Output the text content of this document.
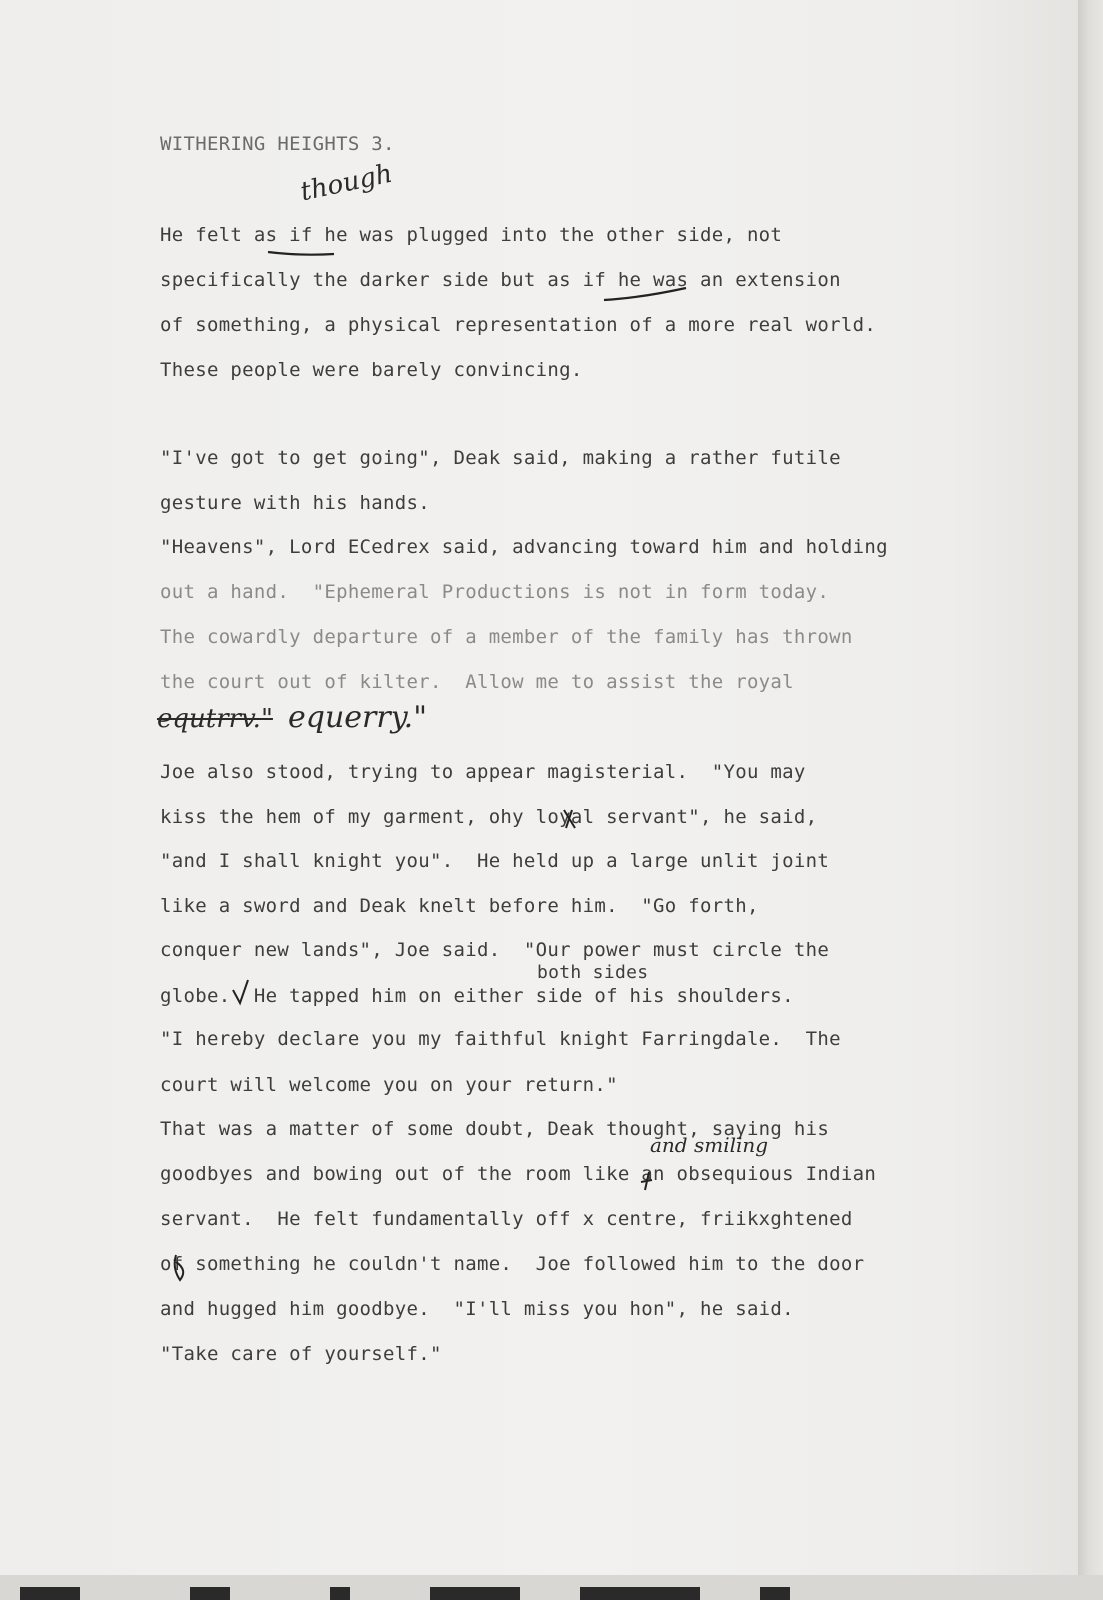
WITHERING HEIGHTS 3.
He felt as if he was plugged into the other side, not
specifically the darker side but as if he was an extension
of something, a physical representation of a more real world.
These people were barely convincing.
"I've got to get going", Deak said, making a rather futile
gesture with his hands.
"Heavens", Lord ECedrex said, advancing toward him and holding
out a hand.  "Ephemeral Productions is not in form today.
The cowardly departure of a member of the family has thrown
the court out of kilter.  Allow me to assist the royal
equtrrv." equerry."
Joe also stood, trying to appear magisterial.  "You may
kiss the hem of my garment, ohy loyal servant", he said,
"and I shall knight you".  He held up a large unlit joint
like a sword and Deak knelt before him.  "Go forth,
conquer new lands", Joe said.  "Our power must circle the
both sides
globe.  He tapped him on either side of his shoulders.
"I hereby declare you my faithful knight Farringdale.  The
court will welcome you on your return."
That was a matter of some doubt, Deak thought, saying his
goodbyes and bowing out of the room like an obsequious Indian
servant.  He felt fundamentally off x centre, friikxghtened
of something he couldn't name.  Joe followed him to the door
and hugged him goodbye.  "I'll miss you hon", he said.
"Take care of yourself."
though
and smiling
